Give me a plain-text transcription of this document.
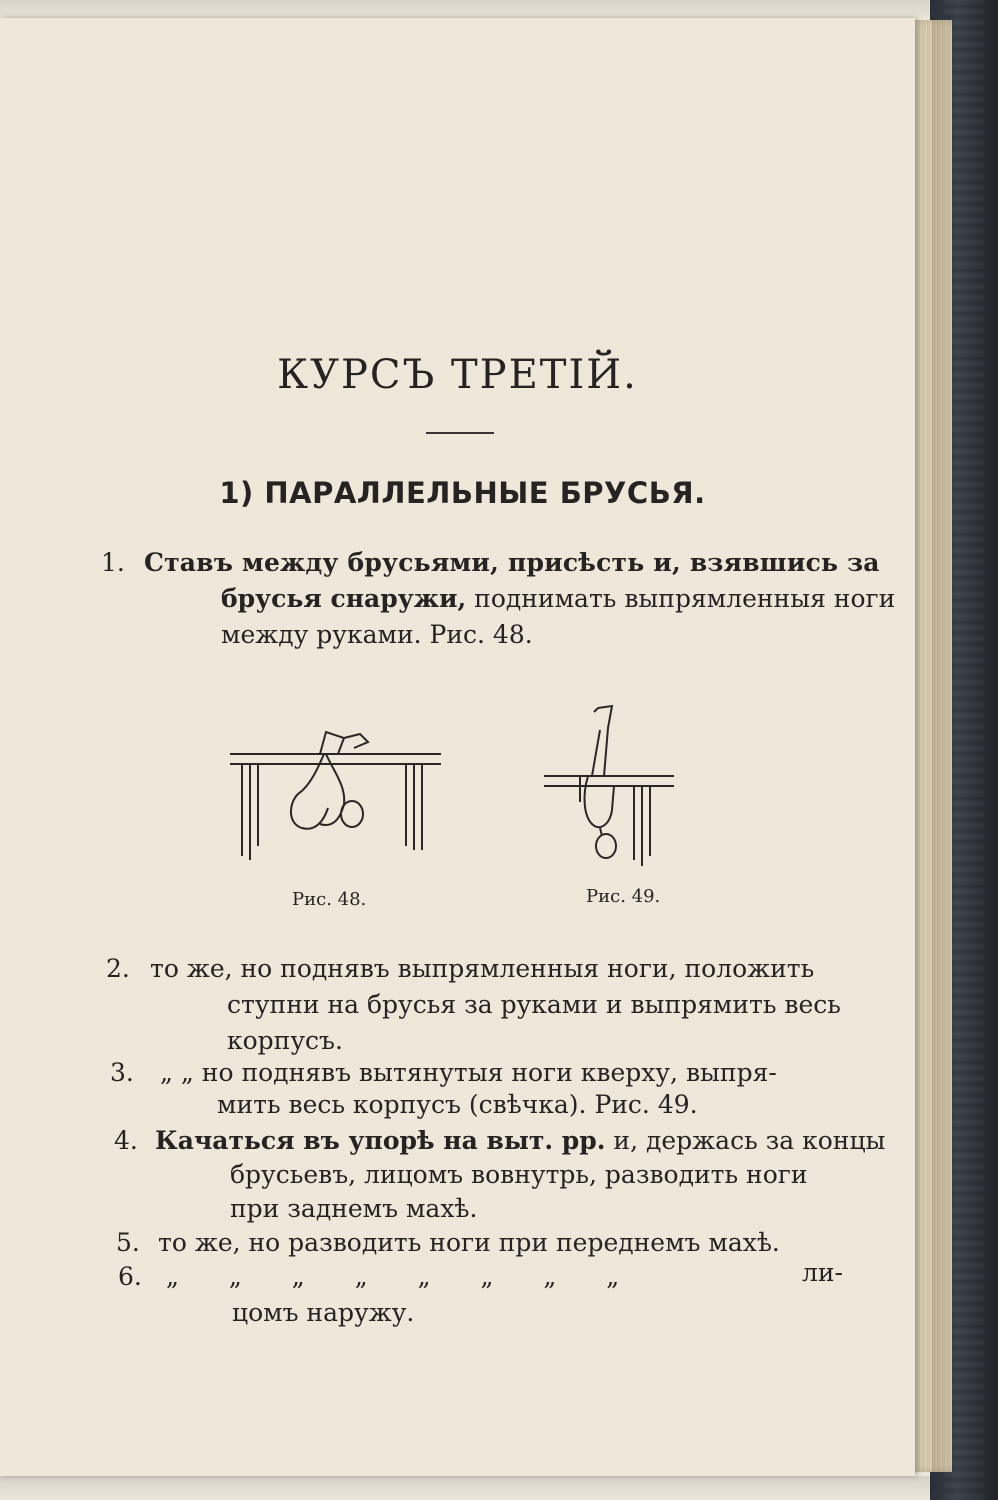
КУРСЪ ТРЕТІЙ.
1) ПАРАЛЛЕЛЬНЫЕ БРУСЬЯ.
1. Ставъ между брусьями, присѣсть и, взявшись за
брусья снаружи, поднимать выпрямленныя ноги
между руками. Рис. 48.
Рис. 48.	Рис. 49.
2. то же, но поднявъ выпрямленныя ноги, положить
ступни на брусья за руками и выпрямить весь
корпусъ.
3. „ „ но поднявъ вытянутыя ноги кверху, выпря-
мить весь корпусъ (свѣчка). Рис. 49.
4. Качаться въ упорѣ на выт. рр. и, держась за концы
брусьевъ, лицомъ вовнутрь, разводить ноги
при заднемъ махѣ.
5. то же, но разводить ноги при переднемъ махѣ.
6. „ „ „ „ „ „ „ „	ли-
цомъ наружу.
